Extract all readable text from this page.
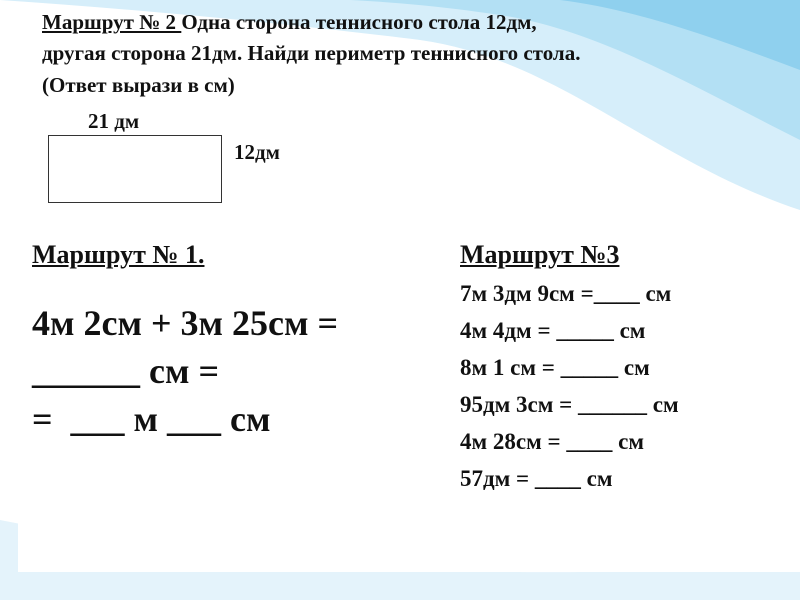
Маршрут № 2 Одна сторона теннисного стола 12дм,
другая сторона 21дм. Найди периметр теннисного стола.
(Ответ вырази в см)
21 дм
12дм
Маршрут № 1.
4м 2см + 3м 25см =
______ см =
=  ___ м ___ см
Маршрут №3
7м 3дм 9см =____ см
4м 4дм = _____ см
8м 1 см = _____ см
95дм 3см = ______ см
4м 28см = ____ см
57дм = ____ см
